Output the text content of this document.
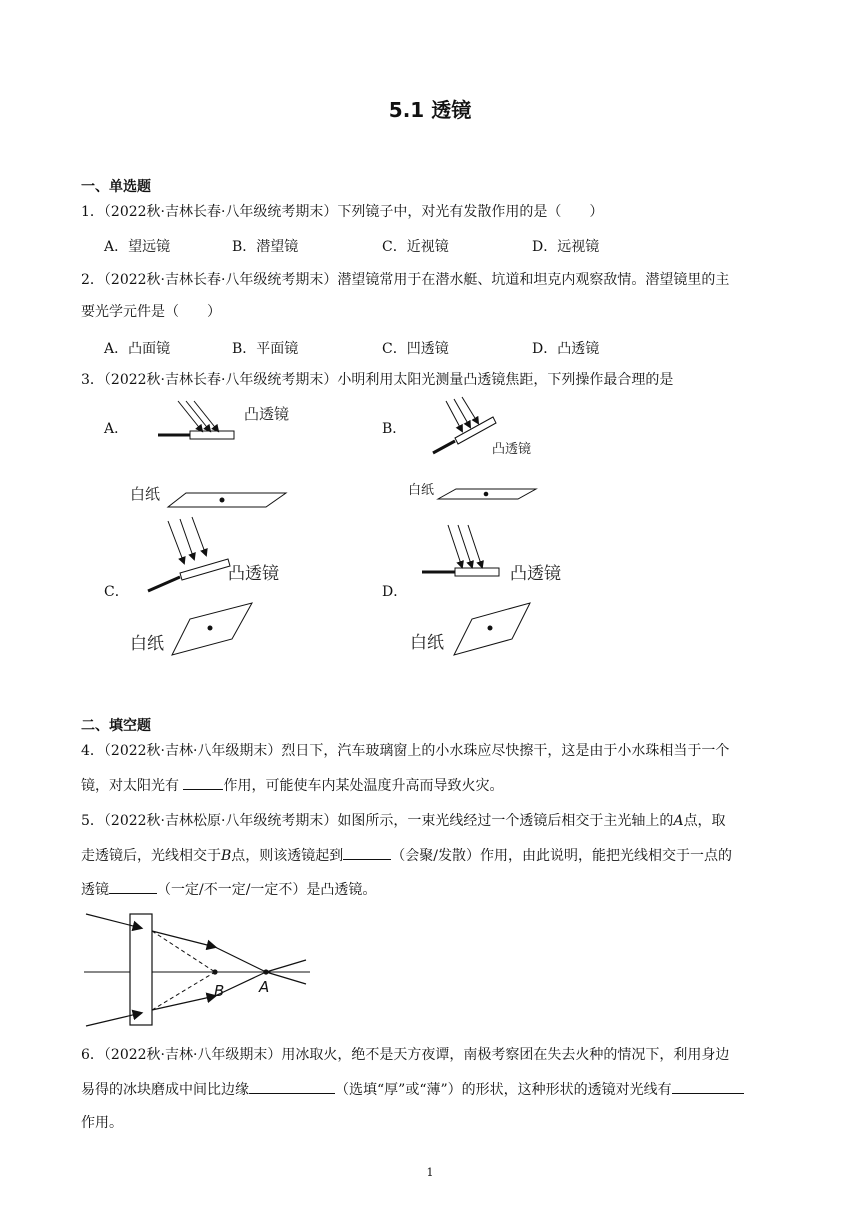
5.1 透镜
一、单选题
1．（2022秋·吉林长春·八年级统考期末）下列镜子中，对光有发散作用的是（　　）
A．望远镜	B．潜望镜	C．近视镜	D．远视镜
2．（2022秋·吉林长春·八年级统考期末）潜望镜常用于在潜水艇、坑道和坦克内观察敌情。潜望镜里的主
要光学元件是（　　）
A．凸面镜	B．平面镜	C．凹透镜	D．凸透镜
3．（2022秋·吉林长春·八年级统考期末）小明利用太阳光测量凸透镜焦距，下列操作最合理的是
A．	B．
C．	D．
凸透镜
白纸
凸透镜
白纸
凸透镜
白纸
凸透镜
白纸
二、填空题
4．（2022秋·吉林·八年级期末）烈日下，汽车玻璃窗上的小水珠应尽快擦干，这是由于小水珠相当于一个
镜，对太阳光有	作用，可能使车内某处温度升高而导致火灾。
5．（2022秋·吉林松原·八年级统考期末）如图所示，一束光线经过一个透镜后相交于主光轴上的A点，取
走透镜后，光线相交于B点，则该透镜起到	（会聚/发散）作用，由此说明，能把光线相交于一点的
透镜	（一定/不一定/一定不）是凸透镜。
B A
6．（2022秋·吉林·八年级期末）用冰取火，绝不是天方夜谭，南极考察团在失去火种的情况下，利用身边
易得的冰块磨成中间比边缘	（选填“厚”或“薄”）的形状，这种形状的透镜对光线有
作用。
1
